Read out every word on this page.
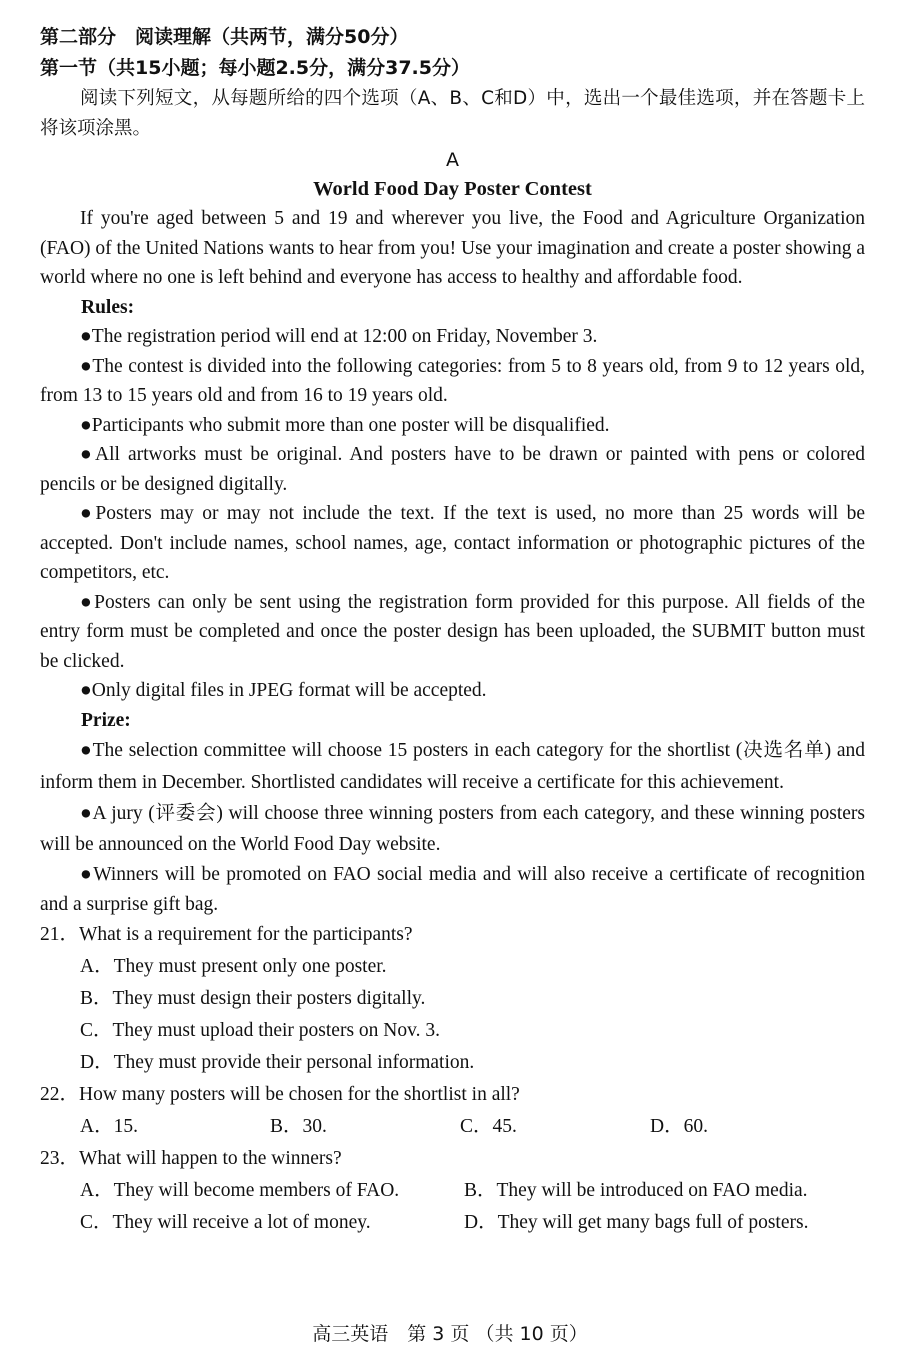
第二部分　阅读理解（共两节，满分50分）
第一节（共15小题；每小题2.5分，满分37.5分）
阅读下列短文，从每题所给的四个选项（A、B、C和D）中，选出一个最佳选项，并在答题卡上将该项涂黑。
A
World Food Day Poster Contest

If you're aged between 5 and 19 and wherever you live, the Food and Agriculture Organization (FAO) of the United Nations wants to hear from you! Use your imagination and create a poster showing a world where no one is left behind and everyone has access to healthy and affordable food.

Rules:

●The registration period will end at 12:00 on Friday, November 3.

●The contest is divided into the following categories: from 5 to 8 years old, from 9 to 12 years old, from 13 to 15 years old and from 16 to 19 years old.

●Participants who submit more than one poster will be disqualified.

●All artworks must be original. And posters have to be drawn or painted with pens or colored pencils or be designed digitally.

●Posters may or may not include the text. If the text is used, no more than 25 words will be accepted. Don't include names, school names, age, contact information or photographic pictures of the competitors, etc.

●Posters can only be sent using the registration form provided for this purpose. All fields of the entry form must be completed and once the poster design has been uploaded, the SUBMIT button must be clicked.

●Only digital files in JPEG format will be accepted.

Prize:

●The selection committee will choose 15 posters in each category for the shortlist (决选名单) and inform them in December. Shortlisted candidates will receive a certificate for this achievement.

●A jury (评委会) will choose three winning posters from each category, and these winning posters will be announced on the World Food Day website.

●Winners will be promoted on FAO social media and will also receive a certificate of recognition and a surprise gift bag.

21．What is a requirement for the participants?

A．They must present only one poster.

B．They must design their posters digitally.

C．They must upload their posters on Nov. 3.

D．They must provide their personal information.

22．How many posters will be chosen for the shortlist in all?

A．15.	B．30.	C．45.	D．60.

23．What will happen to the winners?

A．They will become members of FAO.	B．They will be introduced on FAO media.
C．They will receive a lot of money.	D．They will get many bags full of posters.
高三英语　第 3 页 （共 10 页）
